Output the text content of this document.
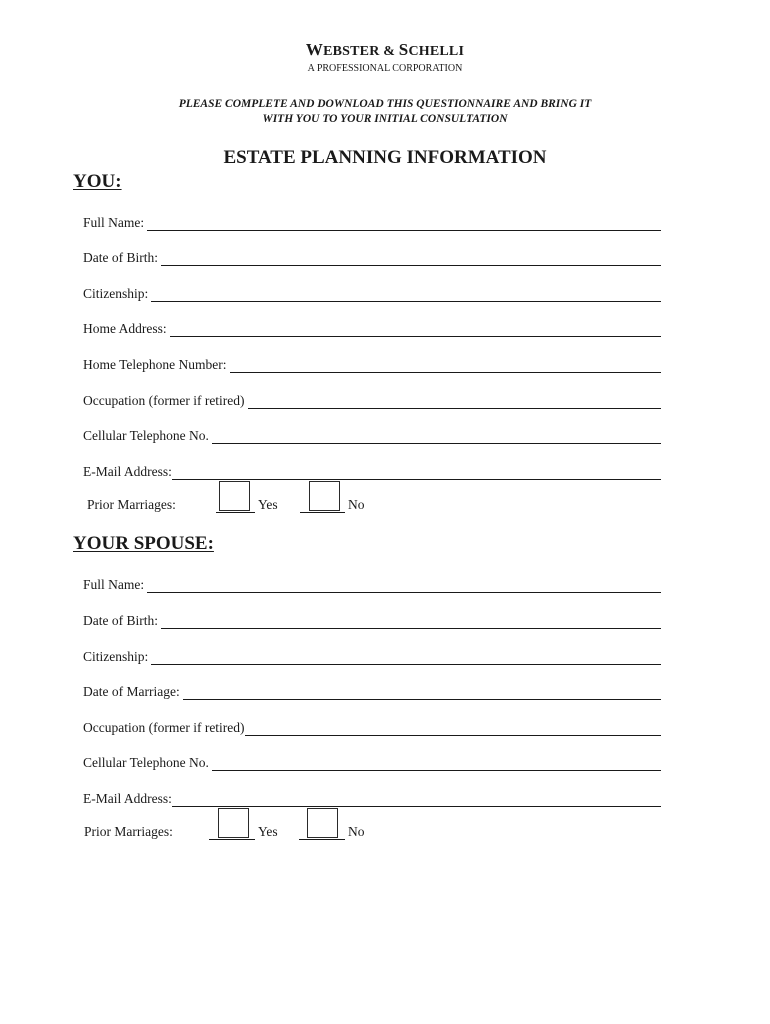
WEBSTER & SCHELLI
A PROFESSIONAL CORPORATION
PLEASE COMPLETE AND DOWNLOAD THIS QUESTIONNAIRE AND BRING IT
WITH YOU TO YOUR INITIAL CONSULTATION
ESTATE PLANNING INFORMATION
YOU:
Full Name:
Date of Birth:
Citizenship:
Home Address:
Home Telephone Number:
Occupation (former if retired)
Cellular Telephone No.
E-Mail Address:
Prior Marriages:	Yes	No
YOUR SPOUSE:
Full Name:
Date of Birth:
Citizenship:
Date of Marriage:
Occupation (former if retired)
Cellular Telephone No.
E-Mail Address:
Prior Marriages:	Yes	No
